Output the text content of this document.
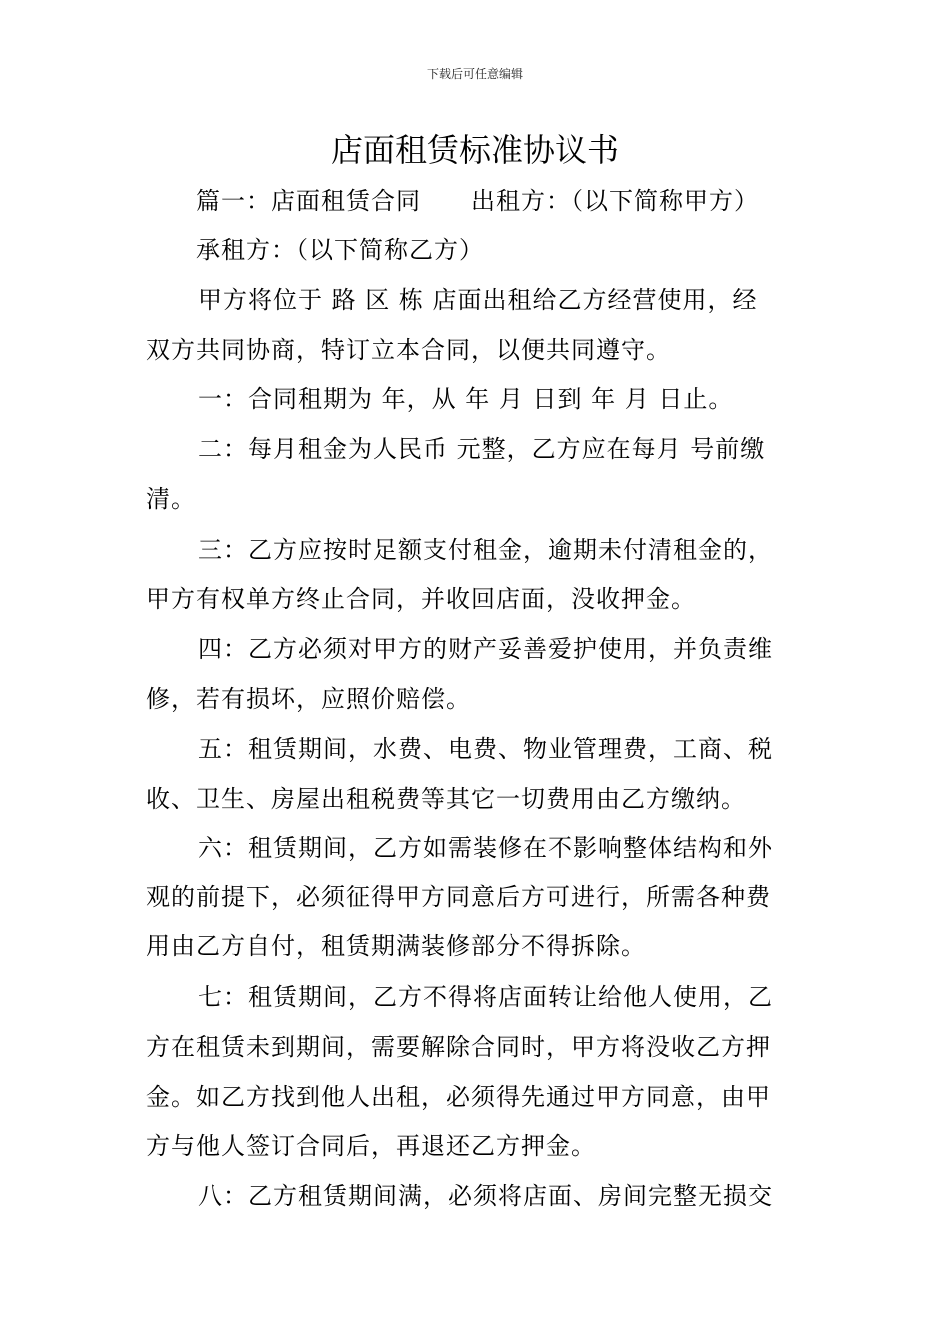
下载后可任意编辑
店面租赁标准协议书
篇一：店面租赁合同 出租方：（以下简称甲方）
承租方：（以下简称乙方）
甲方将位于 路 区 栋 店面出租给乙方经营使用，经
双方共同协商，特订立本合同，以便共同遵守。
一：合同租期为 年，从 年 月 日到 年 月 日止。
二：每月租金为人民币 元整，乙方应在每月 号前缴
清。
三：乙方应按时足额支付租金，逾期未付清租金的，
甲方有权单方终止合同，并收回店面，没收押金。
四：乙方必须对甲方的财产妥善爱护使用，并负责维
修，若有损坏，应照价赔偿。
五：租赁期间，水费、电费、物业管理费，工商、税
收、卫生、房屋出租税费等其它一切费用由乙方缴纳。
六：租赁期间，乙方如需装修在不影响整体结构和外
观的前提下，必须征得甲方同意后方可进行，所需各种费
用由乙方自付，租赁期满装修部分不得拆除。
七：租赁期间，乙方不得将店面转让给他人使用，乙
方在租赁未到期间，需要解除合同时，甲方将没收乙方押
金。如乙方找到他人出租，必须得先通过甲方同意，由甲
方与他人签订合同后，再退还乙方押金。
八：乙方租赁期间满，必须将店面、房间完整无损交
